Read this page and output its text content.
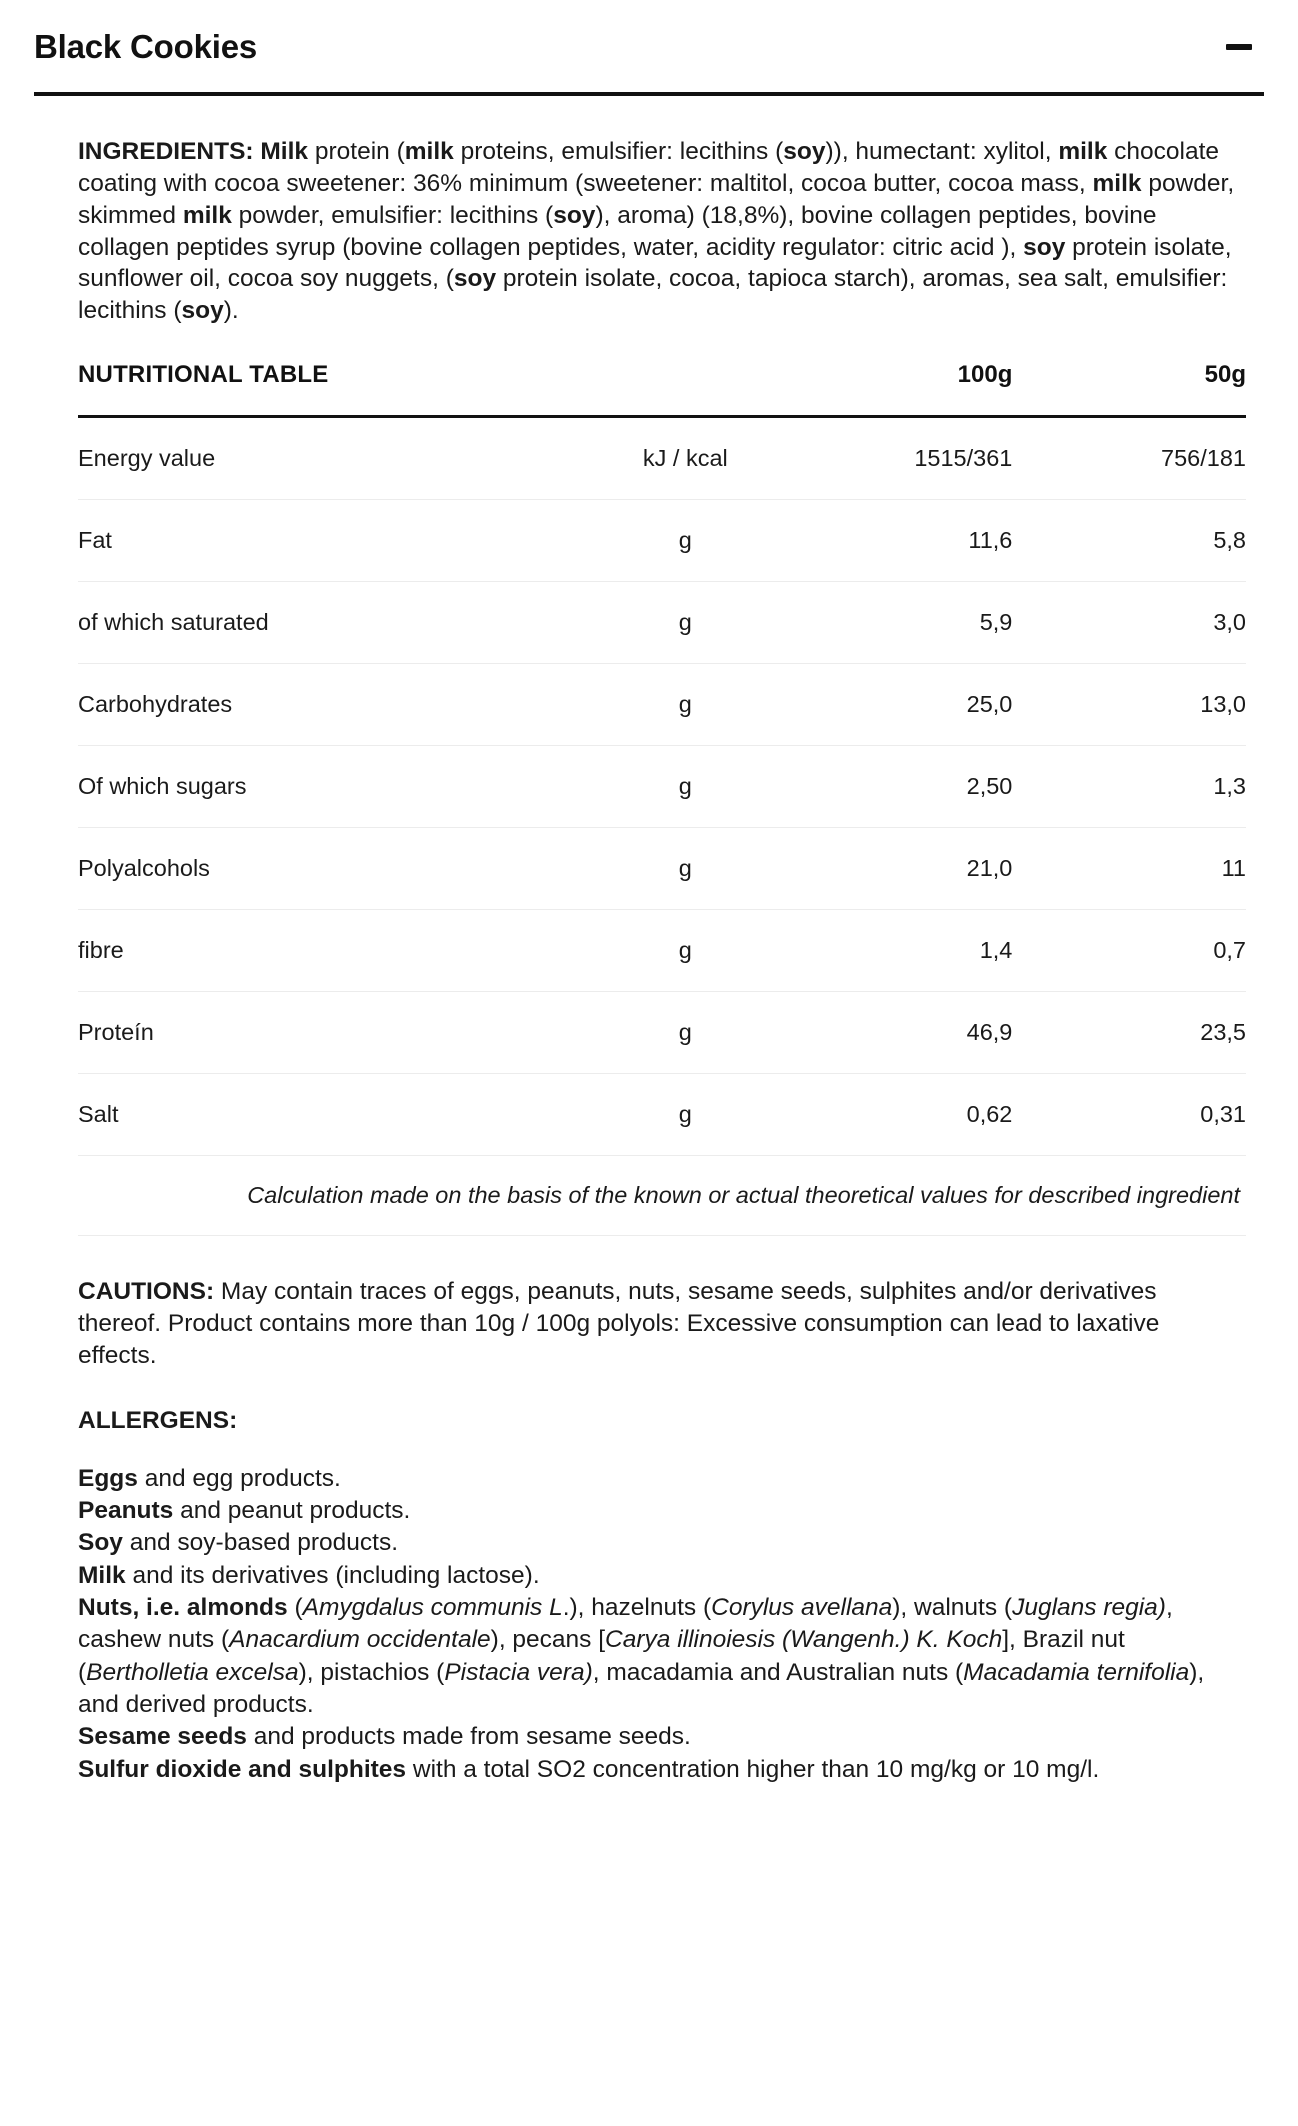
Black Cookies

INGREDIENTS: Milk protein (milk proteins, emulsifier: lecithins (soy)), humectant: xylitol, milk chocolate coating with cocoa sweetener: 36% minimum (sweetener: maltitol, cocoa butter, cocoa mass, milk powder, skimmed milk powder, emulsifier: lecithins (soy), aroma) (18,8%), bovine collagen peptides, bovine collagen peptides syrup (bovine collagen peptides, water, acidity regulator: citric acid ), soy protein isolate, sunflower oil, cocoa soy nuggets, (soy protein isolate, cocoa, tapioca starch), aromas, sea salt, emulsifier: lecithins (soy).

NUTRITIONAL TABLE		100g	50g
Energy value	kJ / kcal	1515/361	756/181
Fat	g	11,6	5,8
of which saturated	g	5,9	3,0
Carbohydrates	g	25,0	13,0
Of which sugars	g	2,50	1,3
Polyalcohols	g	21,0	11
fibre	g	1,4	0,7
Proteín	g	46,9	23,5
Salt	g	0,62	0,31
Calculation made on the basis of the known or actual theoretical values for described ingredient			

CAUTIONS: May contain traces of eggs, peanuts, nuts, sesame seeds, sulphites and/or derivatives thereof. Product contains more than 10g / 100g polyols: Excessive consumption can lead to laxative effects.

ALLERGENS:
Eggs and egg products.
Peanuts and peanut products.
Soy and soy-based products.
Milk and its derivatives (including lactose).
Nuts, i.e. almonds (Amygdalus communis L.), hazelnuts (Corylus avellana), walnuts (Juglans regia), cashew nuts (Anacardium occidentale), pecans [Carya illinoiesis (Wangenh.) K. Koch], Brazil nut (Bertholletia excelsa), pistachios (Pistacia vera), macadamia and Australian nuts (Macadamia ternifolia), and derived products.
Sesame seeds and products made from sesame seeds.
Sulfur dioxide and sulphites with a total SO2 concentration higher than 10 mg/kg or 10 mg/l.
